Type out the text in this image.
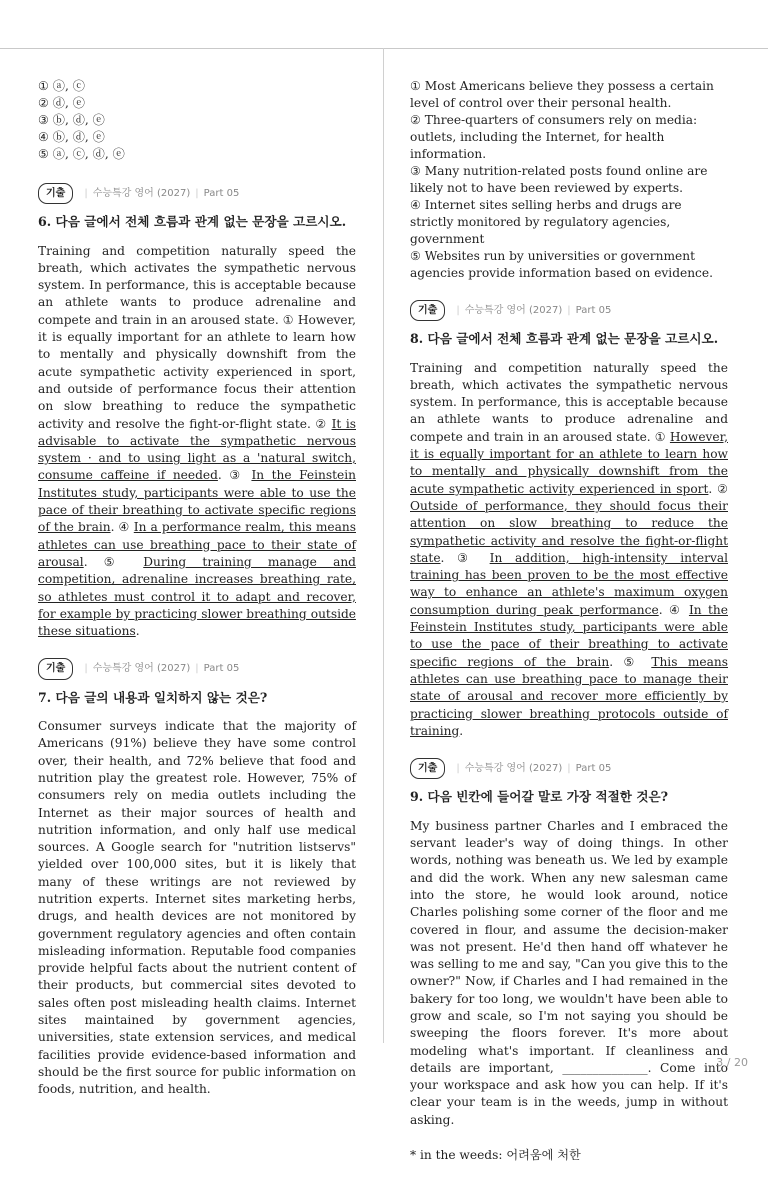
① ⓐ, ⓒ

② ⓓ, ⓔ

③ ⓑ, ⓓ, ⓔ

④ ⓑ, ⓓ, ⓔ

⑤ ⓐ, ⓒ, ⓓ, ⓔ

기출	| 수능특강 영어 (2027) | Part 05
6. 다음 글에서 전체 흐름과 관계 없는 문장을 고르시오.

Training and competition naturally speed the breath, which activates the sympathetic nervous system. In performance, this is acceptable because an athlete wants to produce adrenaline and compete and train in an aroused state. ① However, it is equally important for an athlete to learn how to mentally and physically downshift from the acute sympathetic activity experienced in sport, and outside of performance focus their attention on slow breathing to reduce the sympathetic activity and resolve the fight-or-flight state. ② It is advisable to activate the sympathetic nervous system · and to using light as a 'natural switch, consume caffeine if needed. ③ In the Feinstein Institutes study, participants were able to use the pace of their breathing to activate specific regions of the brain. ④ In a performance realm, this means athletes can use breathing pace to their state of arousal. ⑤ During training manage and competition, adrenaline increases breathing rate, so athletes must control it to adapt and recover, for example by practicing slower breathing outside these situations.

기출	| 수능특강 영어 (2027) | Part 05
7. 다음 글의 내용과 일치하지 않는 것은?

Consumer surveys indicate that the majority of Americans (91%) believe they have some control over, their health, and 72% believe that food and nutrition play the greatest role. However, 75% of consumers rely on media outlets including the Internet as their major sources of health and nutrition information, and only half use medical sources. A Google search for "nutrition listservs" yielded over 100,000 sites, but it is likely that many of these writings are not reviewed by nutrition experts. Internet sites marketing herbs, drugs, and health devices are not monitored by government regulatory agencies and often contain misleading information. Reputable food companies provide helpful facts about the nutrient content of their products, but commercial sites devoted to sales often post misleading health claims. Internet sites maintained by government agencies, universities, state extension services, and medical facilities provide evidence-based information and should be the first source for public information on foods, nutrition, and health.

① Most Americans believe they possess a certain level of control over their personal health.

② Three-quarters of consumers rely on media: outlets, including the Internet, for health information.

③ Many nutrition-related posts found online are likely not to have been reviewed by experts.

④ Internet sites selling herbs and drugs are strictly monitored by regulatory agencies, government

⑤ Websites run by universities or government agencies provide information based on evidence.

기출	| 수능특강 영어 (2027) | Part 05
8. 다음 글에서 전체 흐름과 관계 없는 문장을 고르시오.

Training and competition naturally speed the breath, which activates the sympathetic nervous system. In performance, this is acceptable because an athlete wants to produce adrenaline and compete and train in an aroused state. ① However, it is equally important for an athlete to learn how to mentally and physically downshift from the acute sympathetic activity experienced in sport. ② Outside of performance, they should focus their attention on slow breathing to reduce the sympathetic activity and resolve the fight-or-flight state. ③ In addition, high-intensity interval training has been proven to be the most effective way to enhance an athlete's maximum oxygen consumption during peak performance. ④ In the Feinstein Institutes study, participants were able to use the pace of their breathing to activate specific regions of the brain. ⑤ This means athletes can use breathing pace to manage their state of arousal and recover more efficiently by practicing slower breathing protocols outside of training.

기출	| 수능특강 영어 (2027) | Part 05
9. 다음 빈칸에 들어갈 말로 가장 적절한 것은?

My business partner Charles and I embraced the servant leader's way of doing things. In other words, nothing was beneath us. We led by example and did the work. When any new salesman came into the store, he would look around, notice Charles polishing some corner of the floor and me covered in flour, and assume the decision-maker was not present. He'd then hand off whatever he was selling to me and say, "Can you give this to the owner?" Now, if Charles and I had remained in the bakery for too long, we wouldn't have been able to grow and scale, so I'm not saying you should be sweeping the floors forever. It's more about modeling what's important. If cleanliness and details are important, ______________. Come into your workspace and ask how you can help. If it's clear your team is in the weeds, jump in without asking.

* in the weeds: 어려움에 처한

3 / 20
